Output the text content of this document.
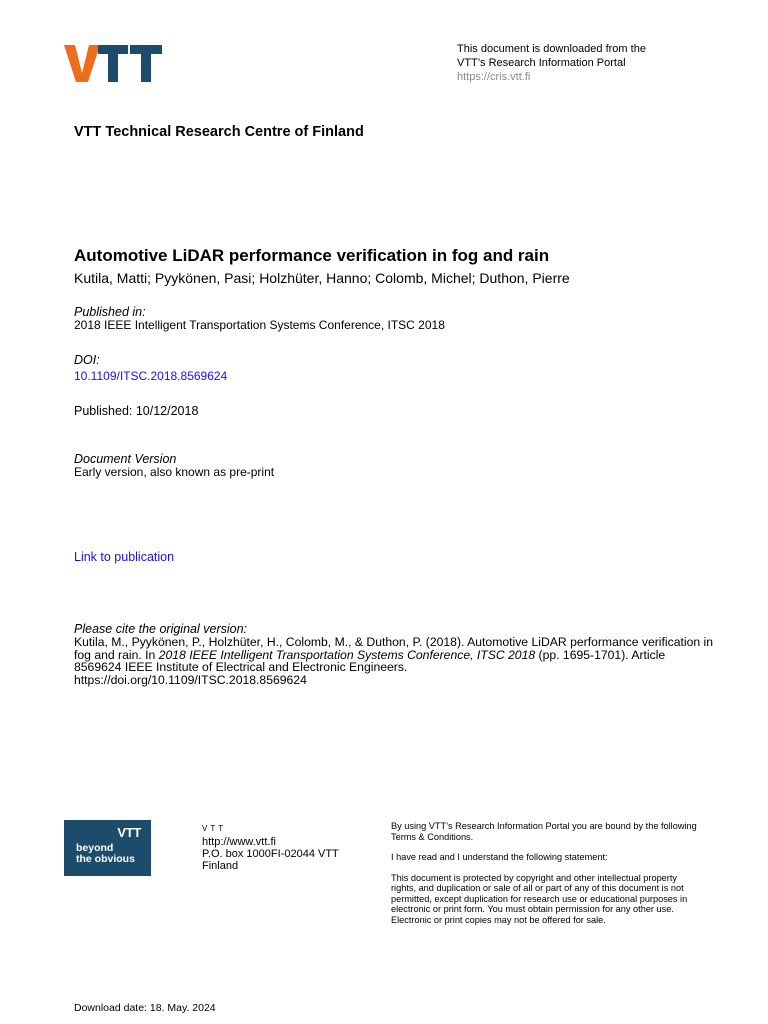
This document is downloaded from the
VTT’s Research Information Portal
https://cris.vtt.fi
VTT Technical Research Centre of Finland
Automotive LiDAR performance verification in fog and rain
Kutila, Matti; Pyykönen, Pasi; Holzhüter, Hanno; Colomb, Michel; Duthon, Pierre
Published in:
2018 IEEE Intelligent Transportation Systems Conference, ITSC 2018
DOI:
10.1109/ITSC.2018.8569624
Published: 10/12/2018
Document Version
Early version, also known as pre-print
Link to publication
Please cite the original version:
Kutila, M., Pyykönen, P., Holzhüter, H., Colomb, M., & Duthon, P. (2018). Automotive LiDAR performance verification in fog and rain. In 2018 IEEE Intelligent Transportation Systems Conference, ITSC 2018 (pp. 1695-1701). Article 8569624 IEEE Institute of Electrical and Electronic Engineers.
https://doi.org/10.1109/ITSC.2018.8569624
VTT
beyond
the obvious
VTT
http://www.vtt.fi
P.O. box 1000FI-02044 VTT
Finland

By using VTT’s Research Information Portal you are bound by the following Terms & Conditions.

I have read and I understand the following statement:

This document is protected by copyright and other intellectual property rights, and duplication or sale of all or part of any of this document is not permitted, except duplication for research use or educational purposes in electronic or print form. You must obtain permission for any other use. Electronic or print copies may not be offered for sale.

Download date: 18. May. 2024
